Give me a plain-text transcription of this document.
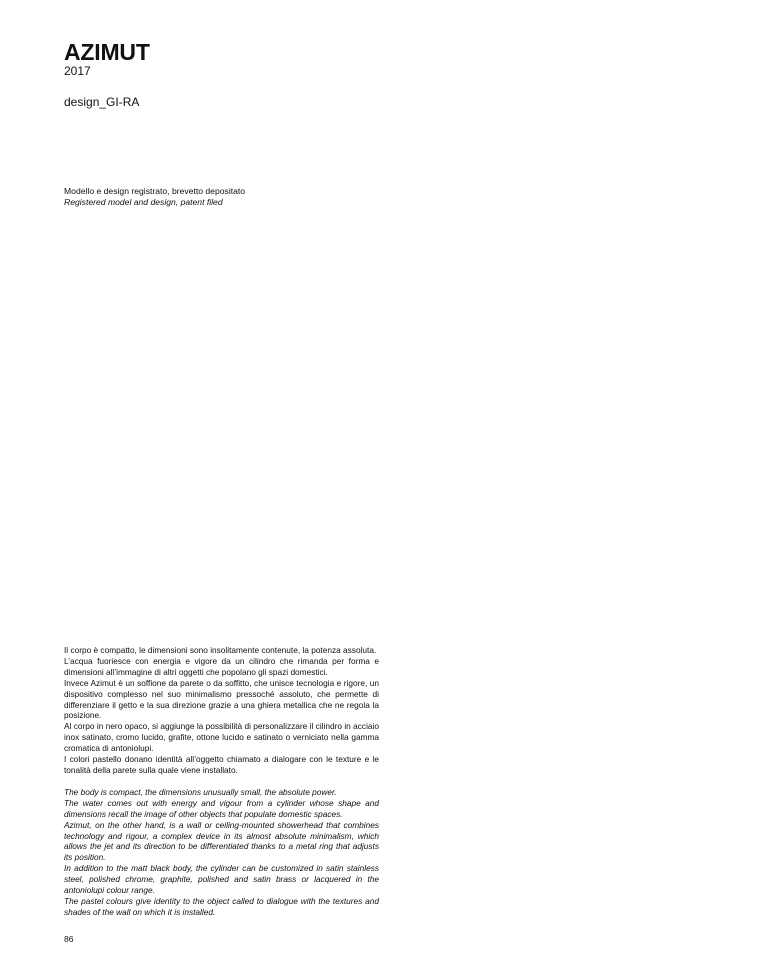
AZIMUT
2017
design_GI-RA
Modello e design registrato, brevetto depositato
Registered model and design, patent filed

Il corpo è compatto, le dimensioni sono insolitamente contenute, la potenza assoluta.

L’acqua fuoriesce con energia e vigore da un cilindro che rimanda per forma e dimensioni all’immagine di altri oggetti che popolano gli spazi domestici.

Invece Azimut è un soffione da parete o da soffitto, che unisce tecnologia e rigore, un dispositivo complesso nel suo minimalismo pressoché assoluto, che permette di differenziare il getto e la sua direzione grazie a una ghiera metallica che ne regola la posizione.

Al corpo in nero opaco, si aggiunge la possibilità di personalizzare il cilindro in acciaio inox satinato, cromo lucido, grafite, ottone lucido e satinato o verniciato nella gamma cromatica di antoniolupi.

I colori pastello donano identità all’oggetto chiamato a dialogare con le texture e le tonalità della parete sulla quale viene installato.

The body is compact, the dimensions unusually small, the absolute power.

The water comes out with energy and vigour from a cylinder whose shape and dimensions recall the image of other objects that populate domestic spaces.

Azimut, on the other hand, is a wall or ceiling-mounted showerhead that combines technology and rigour, a complex device in its almost absolute minimalism, which allows the jet and its direction to be differentiated thanks to a metal ring that adjusts its position.

In addition to the matt black body, the cylinder can be customized in satin stainless steel, polished chrome, graphite, polished and satin brass or lacquered in the antoniolupi colour range.

The pastel colours give identity to the object called to dialogue with the textures and shades of the wall on which it is installed.

86
